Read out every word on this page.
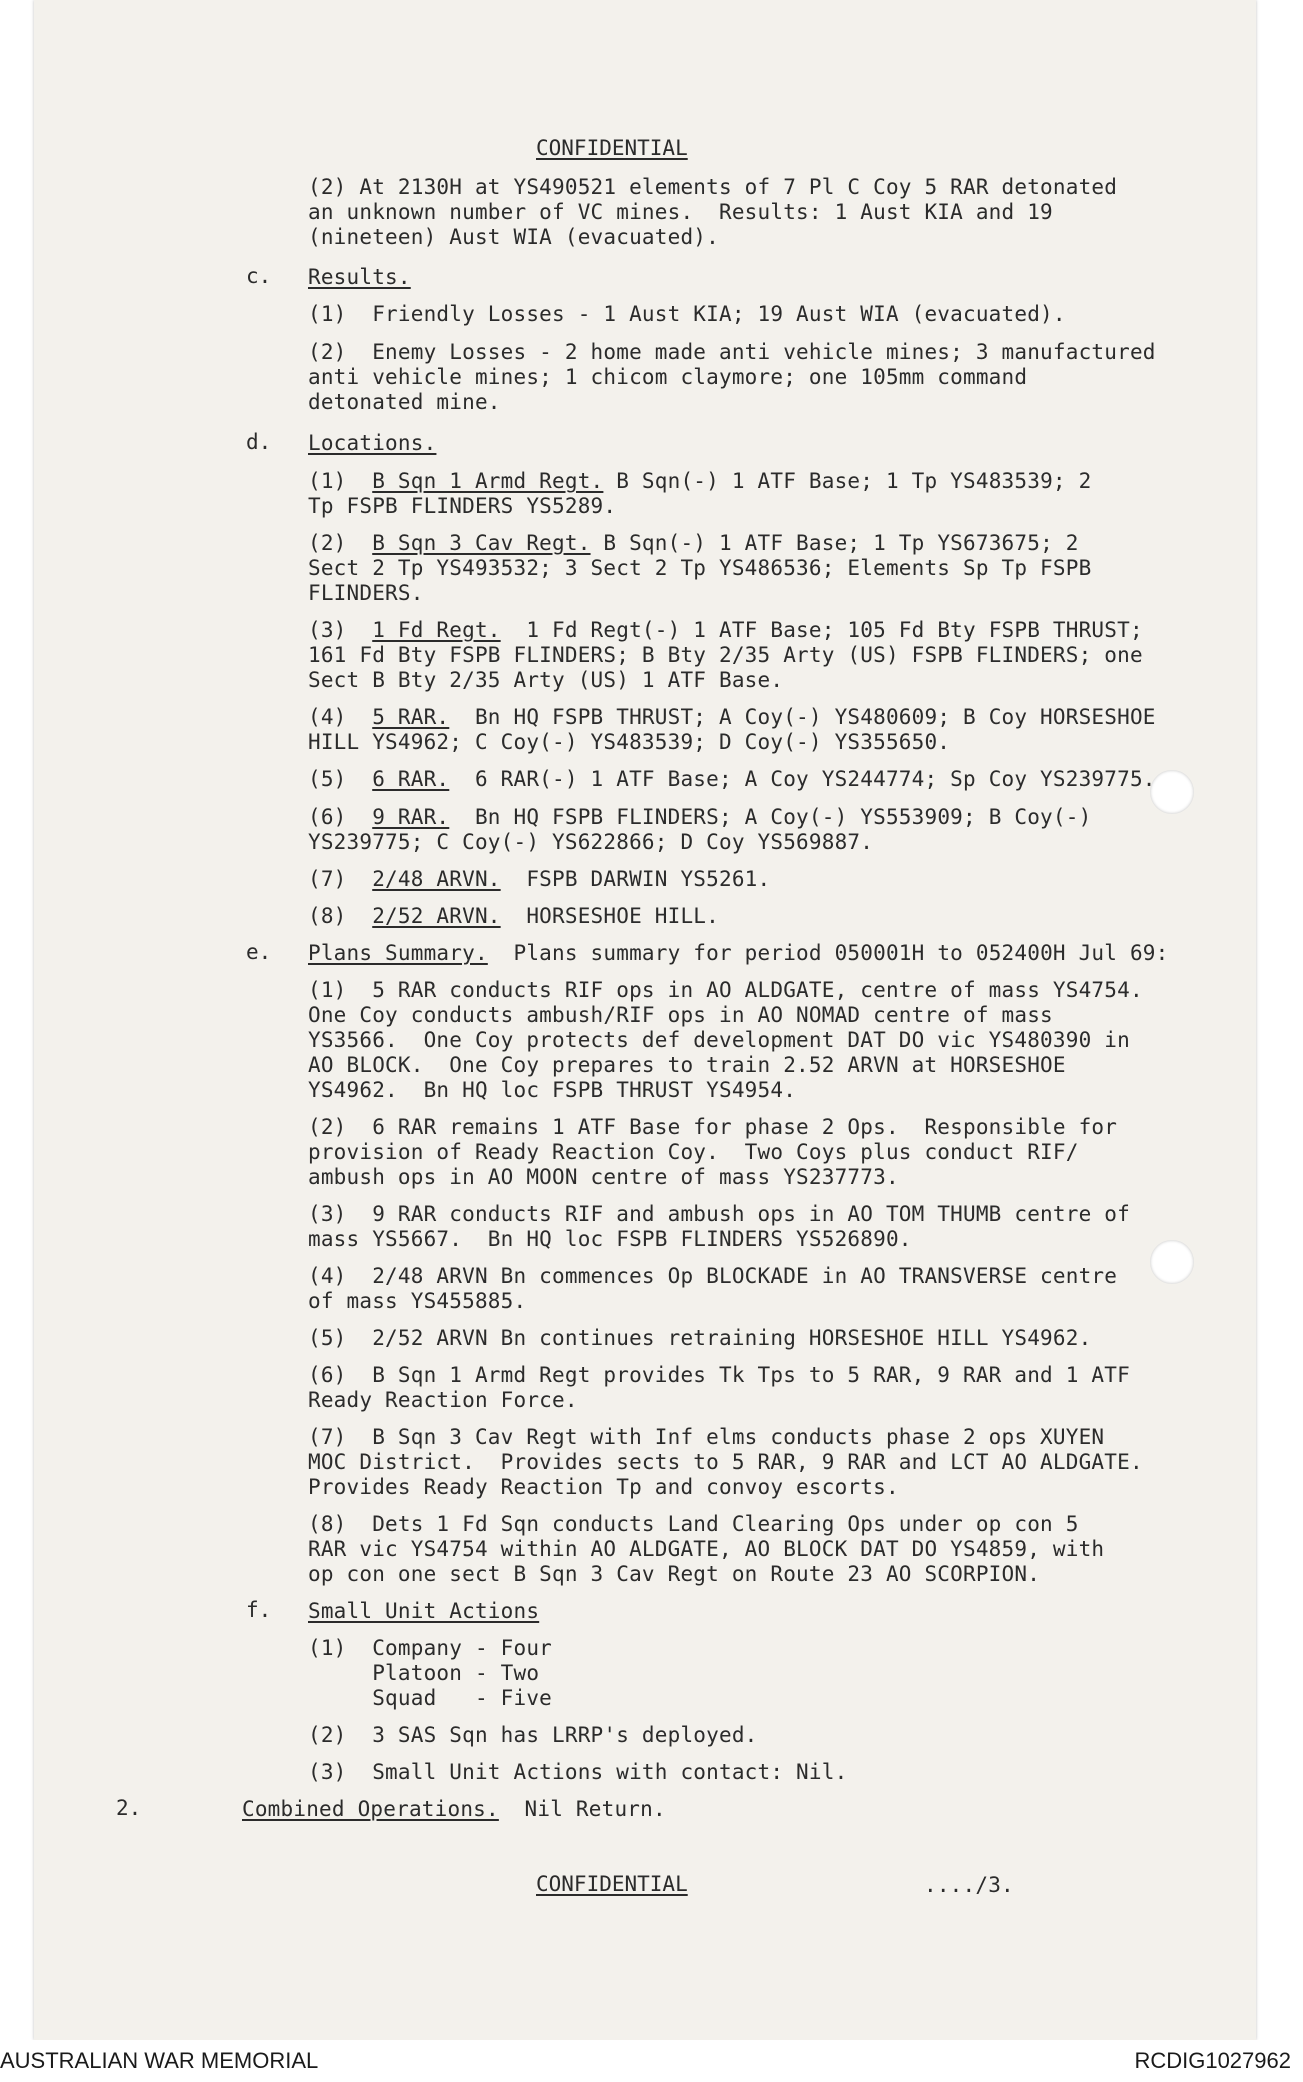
CONFIDENTIAL
(2) At 2130H at YS490521 elements of 7 Pl C Coy 5 RAR detonated
an unknown number of VC mines.  Results: 1 Aust KIA and 19
(nineteen) Aust WIA (evacuated).
c. Results.
(1)  Friendly Losses - 1 Aust KIA; 19 Aust WIA (evacuated).
(2)  Enemy Losses - 2 home made anti vehicle mines; 3 manufactured
anti vehicle mines; 1 chicom claymore; one 105mm command
detonated mine.
d. Locations.
(1) B Sqn 1 Armd Regt. B Sqn(-) 1 ATF Base; 1 Tp YS483539; 2
Tp FSPB FLINDERS YS5289.
(2) B Sqn 3 Cav Regt. B Sqn(-) 1 ATF Base; 1 Tp YS673675; 2
Sect 2 Tp YS493532; 3 Sect 2 Tp YS486536; Elements Sp Tp FSPB
FLINDERS.
(3) 1 Fd Regt.  1 Fd Regt(-) 1 ATF Base; 105 Fd Bty FSPB THRUST;
161 Fd Bty FSPB FLINDERS; B Bty 2/35 Arty (US) FSPB FLINDERS; one
Sect B Bty 2/35 Arty (US) 1 ATF Base.
(4) 5 RAR.  Bn HQ FSPB THRUST; A Coy(-) YS480609; B Coy HORSESHOE
HILL YS4962; C Coy(-) YS483539; D Coy(-) YS355650.
(5) 6 RAR.  6 RAR(-) 1 ATF Base; A Coy YS244774; Sp Coy YS239775.
(6) 9 RAR.  Bn HQ FSPB FLINDERS; A Coy(-) YS553909; B Coy(-)
YS239775; C Coy(-) YS622866; D Coy YS569887.
(7) 2/48 ARVN.  FSPB DARWIN YS5261.
(8) 2/52 ARVN.  HORSESHOE HILL.
e. Plans Summary.  Plans summary for period 050001H to 052400H Jul 69:
(1)  5 RAR conducts RIF ops in AO ALDGATE, centre of mass YS4754.
One Coy conducts ambush/RIF ops in AO NOMAD centre of mass
YS3566.  One Coy protects def development DAT DO vic YS480390 in
AO BLOCK.  One Coy prepares to train 2.52 ARVN at HORSESHOE
YS4962.  Bn HQ loc FSPB THRUST YS4954.
(2)  6 RAR remains 1 ATF Base for phase 2 Ops.  Responsible for
provision of Ready Reaction Coy.  Two Coys plus conduct RIF/
ambush ops in AO MOON centre of mass YS237773.
(3)  9 RAR conducts RIF and ambush ops in AO TOM THUMB centre of
mass YS5667.  Bn HQ loc FSPB FLINDERS YS526890.
(4)  2/48 ARVN Bn commences Op BLOCKADE in AO TRANSVERSE centre
of mass YS455885.
(5)  2/52 ARVN Bn continues retraining HORSESHOE HILL YS4962.
(6)  B Sqn 1 Armd Regt provides Tk Tps to 5 RAR, 9 RAR and 1 ATF
Ready Reaction Force.
(7)  B Sqn 3 Cav Regt with Inf elms conducts phase 2 ops XUYEN
MOC District.  Provides sects to 5 RAR, 9 RAR and LCT AO ALDGATE.
Provides Ready Reaction Tp and convoy escorts.
(8)  Dets 1 Fd Sqn conducts Land Clearing Ops under op con 5
RAR vic YS4754 within AO ALDGATE, AO BLOCK DAT DO YS4859, with
op con one sect B Sqn 3 Cav Regt on Route 23 AO SCORPION.
f. Small Unit Actions
(1)  Company - Four
Platoon - Two
Squad   - Five
(2)  3 SAS Sqn has LRRP's deployed.
(3)  Small Unit Actions with contact: Nil.
2.	Combined Operations.  Nil Return.
CONFIDENTIAL	..../3.
AUSTRALIAN WAR MEMORIAL	RCDIG1027962
